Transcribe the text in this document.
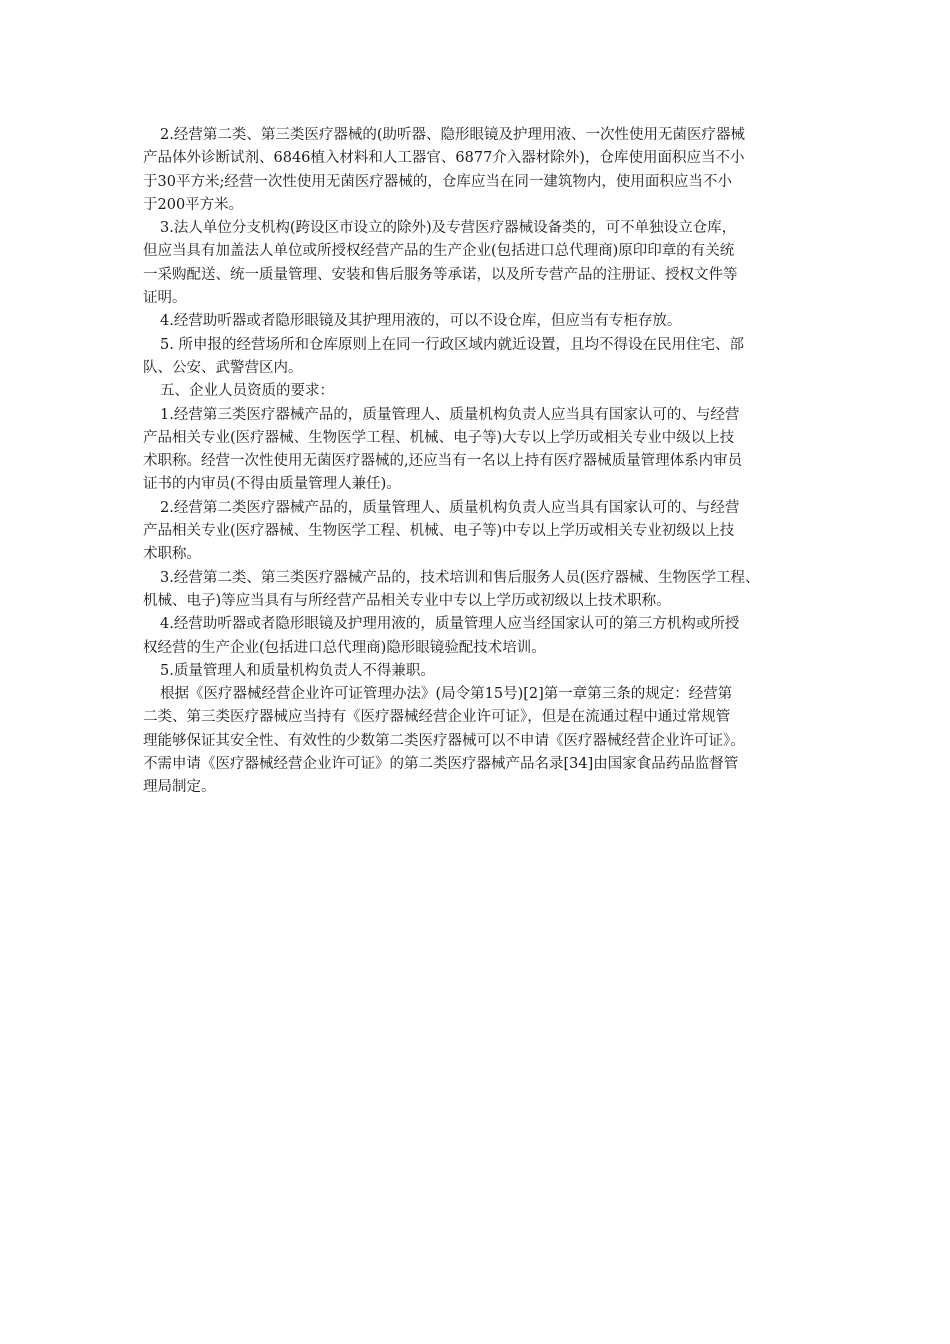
2.经营第二类、第三类医疗器械的(助听器、隐形眼镜及护理用液、一次性使用无菌医疗器械
产品体外诊断试剂、6846植入材料和人工器官、6877介入器材除外)，仓库使用面积应当不小
于30平方米;经营一次性使用无菌医疗器械的，仓库应当在同一建筑物内，使用面积应当不小
于200平方米。

3.法人单位分支机构(跨设区市设立的除外)及专营医疗器械设备类的，可不单独设立仓库，
但应当具有加盖法人单位或所授权经营产品的生产企业(包括进口总代理商)原印印章的有关统
一采购配送、统一质量管理、安装和售后服务等承诺，以及所专营产品的注册证、授权文件等
证明。

4.经营助听器或者隐形眼镜及其护理用液的，可以不设仓库，但应当有专柜存放。

5. 所申报的经营场所和仓库原则上在同一行政区域内就近设置，且均不得设在民用住宅、部
队、公安、武警营区内。

五、企业人员资质的要求：

1.经营第三类医疗器械产品的，质量管理人、质量机构负责人应当具有国家认可的、与经营
产品相关专业(医疗器械、生物医学工程、机械、电子等)大专以上学历或相关专业中级以上技
术职称。经营一次性使用无菌医疗器械的,还应当有一名以上持有医疗器械质量管理体系内审员
证书的内审员(不得由质量管理人兼任)。

2.经营第二类医疗器械产品的，质量管理人、质量机构负责人应当具有国家认可的、与经营
产品相关专业(医疗器械、生物医学工程、机械、电子等)中专以上学历或相关专业初级以上技
术职称。

3.经营第二类、第三类医疗器械产品的，技术培训和售后服务人员(医疗器械、生物医学工程、
机械、电子)等应当具有与所经营产品相关专业中专以上学历或初级以上技术职称。

4.经营助听器或者隐形眼镜及护理用液的，质量管理人应当经国家认可的第三方机构或所授
权经营的生产企业(包括进口总代理商)隐形眼镜验配技术培训。

5.质量管理人和质量机构负责人不得兼职。

根据《医疗器械经营企业许可证管理办法》(局令第15号)[2]第一章第三条的规定：经营第
二类、第三类医疗器械应当持有《医疗器械经营企业许可证》，但是在流通过程中通过常规管
理能够保证其安全性、有效性的少数第二类医疗器械可以不申请《医疗器械经营企业许可证》。
不需申请《医疗器械经营企业许可证》的第二类医疗器械产品名录[34]由国家食品药品监督管
理局制定。
